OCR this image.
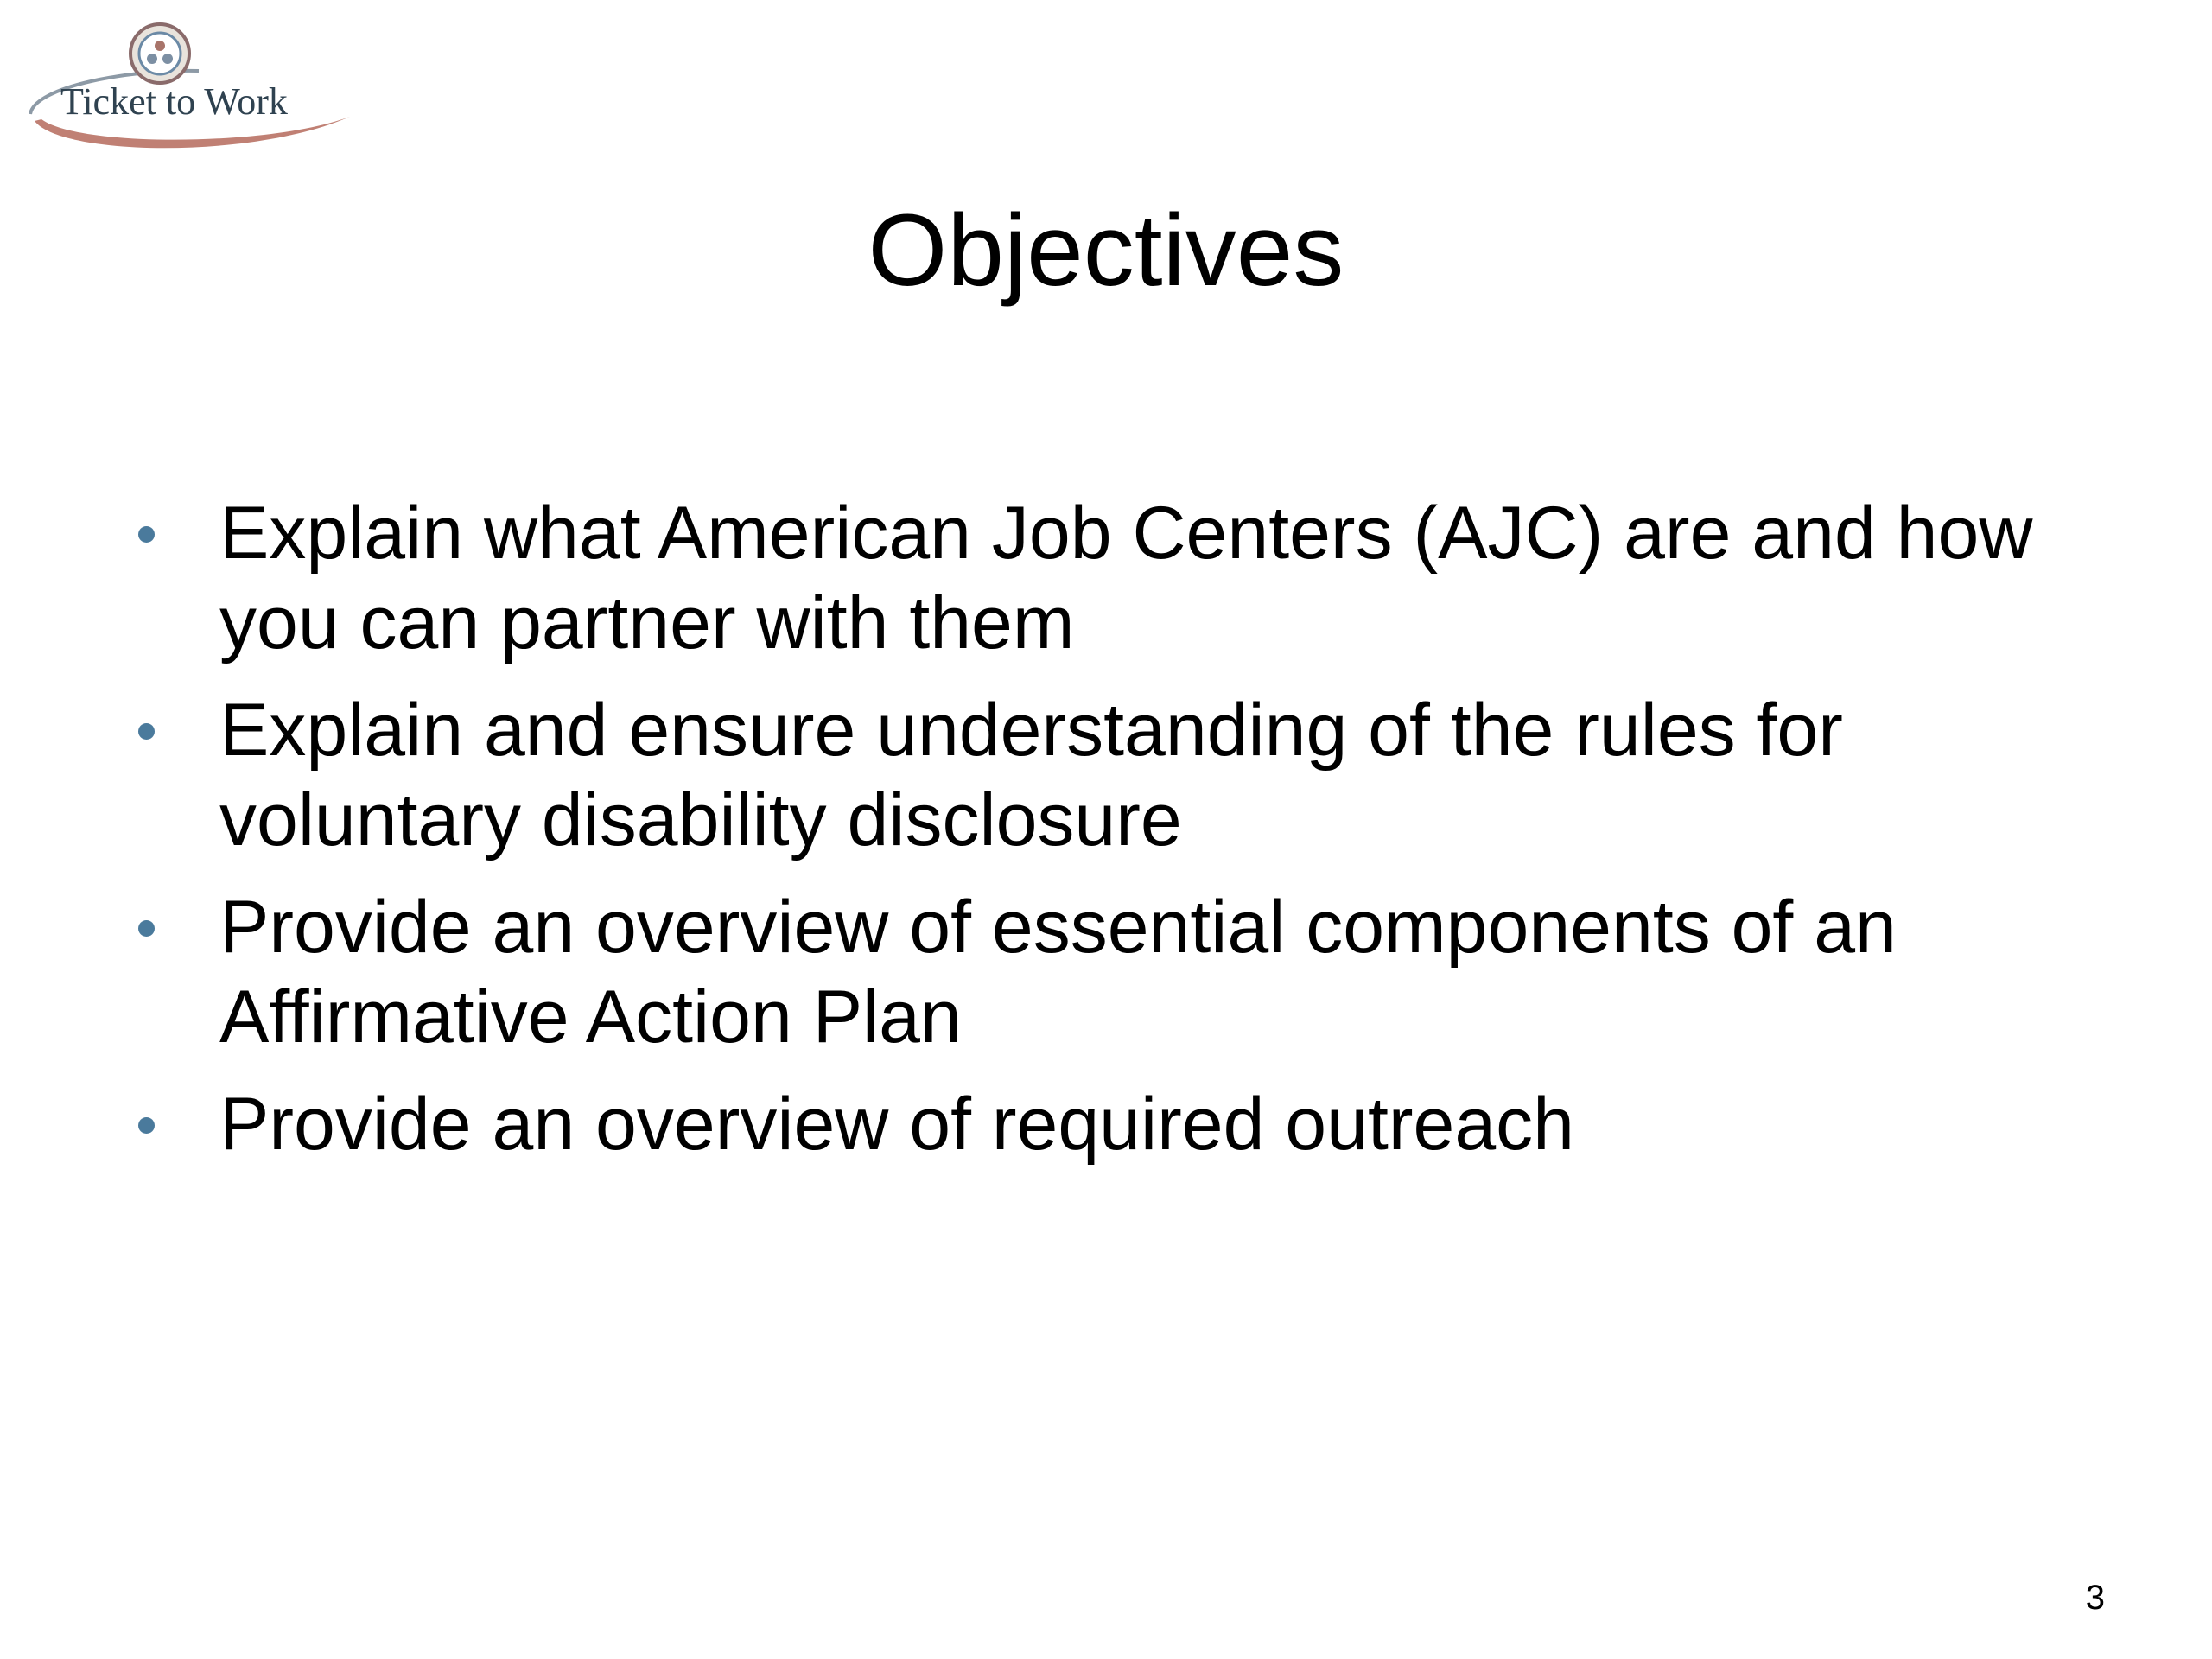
Ticket to Work
Objectives
Explain what American Job Centers (AJC) are and how you can partner with them
Explain and ensure understanding of the rules for voluntary disability disclosure
Provide an overview of essential components of an Affirmative Action Plan
Provide an overview of required outreach
3
